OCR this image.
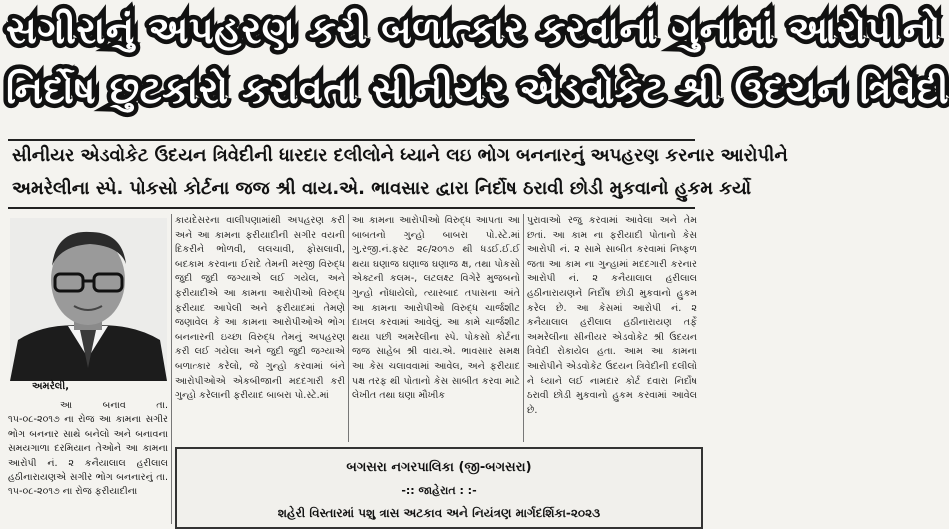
સગીરાનું અપહરણ કરી બળાત્કાર કરવાનાં ગુનામાં આરોપીનો
નિર્દોષ છુટકારો કરાવતા સીનીયર એડવોકેટ શ્રી ઉદયન ત્રિવેદી
સીનીયર એડવોકેટ ઉદયન ત્રિવેદીની ધારદાર દલીલોને ધ્યાને લઇ ભોગ બનનારનું અપહરણ કરનાર આરોપીને
અમરેલીના સ્પે. પોકસો કોર્ટના જજ શ્રી વાય.એ. ભાવસાર દ્વારા નિર્દોષ ઠરાવી છોડી મુકવાનો હુકમ કર્યો
અમરેલી,

આ બનાવ તા. ૧૫-૦૮-૨૦૧૭ ના રોજ આ કામના સગીર ભોગ બનનાર સાથે બનેલો અને બનાવના સમયગાળા દરમિયાન તેઓને આ કામના આરોપી નં. ૨ કનૈયાલાલ હરીલાલ હઠીનારાયણએ સગીર ભોગ બનનારનું તા. ૧૫-૦૮-૨૦૧૭ ના રોજ ફરીયાદીના

કાયદેસરના વાલીપણામાંથી અપહરણ કરી અને આ કામના ફરીયાદીની સગીર વયની દિકરીને ભોળવી, લલચાવી, ફોસલાવી, બદકામ કરવાના ઈરાદે તેમની મરજી વિરુદ્ધ જુદી જુદી જગ્યાએ લઈ ગયેલ, અને ફરીયાદીએ આ કામના આરોપીઓ વિરુદ્ધ ફરીયાદ આપેલી અને ફરીયાદમાં તેમણે જણાવેલ કે આ કામના આરોપીઓએ ભોગ બનનારની ઇચ્છા વિરુદ્ધ તેમનું અપહરણ કરી લઈ ગયેલા અને જુદી જુદી જગ્યાએ બળાત્કાર કરેલો, જે ગુન્હો કરવામાં બંને આરોપીઓએ એકબીજાની મદદગારી કરી ગુન્હો કરેલાની ફરીયાદ બાબરા પો.સ્ટે.માં

આ કામના આરોપીઓ વિરુદ્ધ આપતા આ બાબતનો ગુન્હો બાબરા પો.સ્ટે.માં ગુ.રજી.નં.ફસ્ટ ૨૯/૨૦૧૭ થી ધડઈ.ઈ.ઈ થયા ઘણાજ ઘણાજ ઘણાજ ક્ષ, તથા પોકસો એક્ટની કલમ-, લટલક્ષ્ટ વિગેરે મુજબનો ગુન્હો નોંધાયેલો, ત્યારબાદ તપાસના અંતે આ કામના આરોપીઓ વિરુદ્ધ ચાર્જશીટ દાખલ કરવામાં આવેલું. આ કામે ચાર્જશીટ થયા પછી અમરેલીના સ્પે. પોકસો કોર્ટના જજ સાહેબ શ્રી વાય.એ. ભાવસાર સમક્ષ આ કેસ ચલાવવામાં આવેલ, અને ફરીયાદ પક્ષ તરફ થી પોતાનો કેસ સાબીત કરવા માટે લેખીત તથા ઘણા મૌખીક

પુરાવાઓ રજુ કરવામાં આવેલા અને તેમ છતાં. આ કામ ના ફરીયાદી પોતાનો કેસ આરોપી નં. ૨ સામે સાબીત કરવામાં નિષ્ફળ જતા આ કામ ના ગુન્હામાં મદદગારી કરનાર આરોપી નં. ૨ કનૈયાલાલ હરીલાલ હઠીનારાયણને નિર્દોષ છોડી મુકવાનો હુકમ કરેલ છે. આ કેસમાં આરોપી નં. ૨ કનૈયાલાલ હરીલાલ હઠીનારાયણ તર્ફે અમરેલીના સીનીયર એડવોકેટ શ્રી ઉદયન ત્રિવેદી રોકાયેલ હતા. આમ આ કામના આરોપીને એડવોકેટ ઉદયન ત્રિવેદીની દલીલો ને ધ્યાને લઈ નામદાર કોર્ટ દવારા નિર્દોષ ઠરાવી છોડી મુકવાનો હુકમ કરવામાં આવેલ છે.

બગસરા નગરપાલિકા (જી-બગસરા)
-:: જાહેરાત : :-
શહેરી વિસ્તારમાં પશુ ત્રાસ અટકાવ અને નિયંત્રણ માર્ગદર્શિકા-૨૦૨૩
